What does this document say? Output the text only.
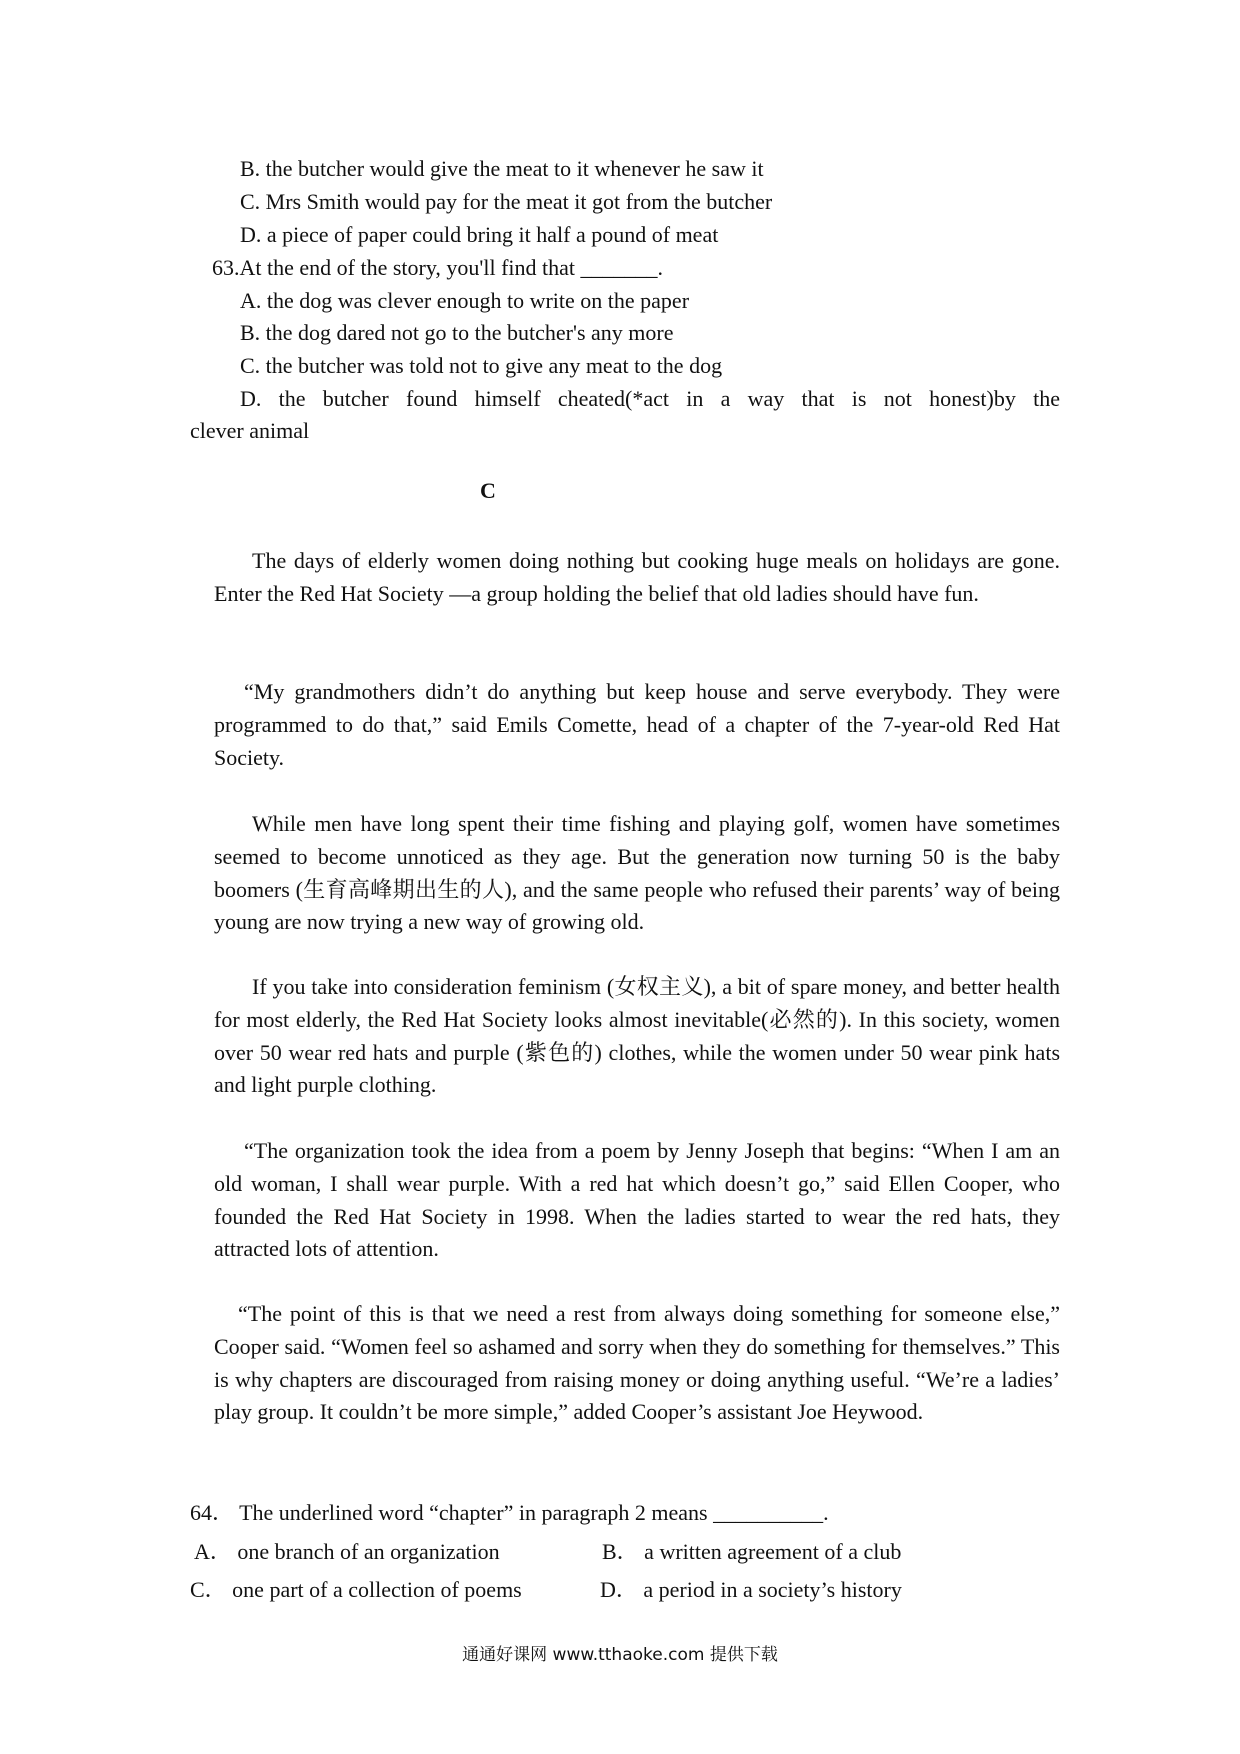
B. the butcher would give the meat to it whenever he saw it
C. Mrs Smith would pay for the meat it got from the butcher
D. a piece of paper could bring it half a pound of meat
63.At the end of the story, you'll find that _______.
A. the dog was clever enough to write on the paper
B. the dog dared not go to the butcher's any more
C. the butcher was told not to give any meat to the dog
D. the butcher found himself cheated(*act in a way that is not honest)by the
clever animal
C
The days of elderly women doing nothing but cooking huge meals on holidays are gone. Enter the Red Hat Society —a group holding the belief that old ladies should have fun.
“My grandmothers didn’t do anything but keep house and serve everybody. They were programmed to do that,” said Emils Comette, head of a chapter of the 7-year-old Red Hat Society.
While men have long spent their time fishing and playing golf, women have sometimes seemed to become unnoticed as they age. But the generation now turning 50 is the baby boomers (生育高峰期出生的人), and the same people who refused their parents’ way of being young are now trying a new way of growing old.
If you take into consideration feminism (女权主义), a bit of spare money, and better health for most elderly, the Red Hat Society looks almost inevitable(必然的). In this society, women over 50 wear red hats and purple (紫色的) clothes, while the women under 50 wear pink hats and light purple clothing.
“The organization took the idea from a poem by Jenny Joseph that begins: “When I am an old woman, I shall wear purple. With a red hat which doesn’t go,” said Ellen Cooper, who founded the Red Hat Society in 1998. When the ladies started to wear the red hats, they attracted lots of attention.
“The point of this is that we need a rest from always doing something for someone else,” Cooper said. “Women feel so ashamed and sorry when they do something for themselves.” This is why chapters are discouraged from raising money or doing anything useful. “We’re a ladies’ play group. It couldn’t be more simple,” added Cooper’s assistant Joe Heywood.
64． The underlined word “chapter” in paragraph 2 means __________.
A． one branch of an organization	B． a written agreement of a club
C． one part of a collection of poems	D． a period in a society’s history
通通好课网 www.tthaoke.com 提供下载
